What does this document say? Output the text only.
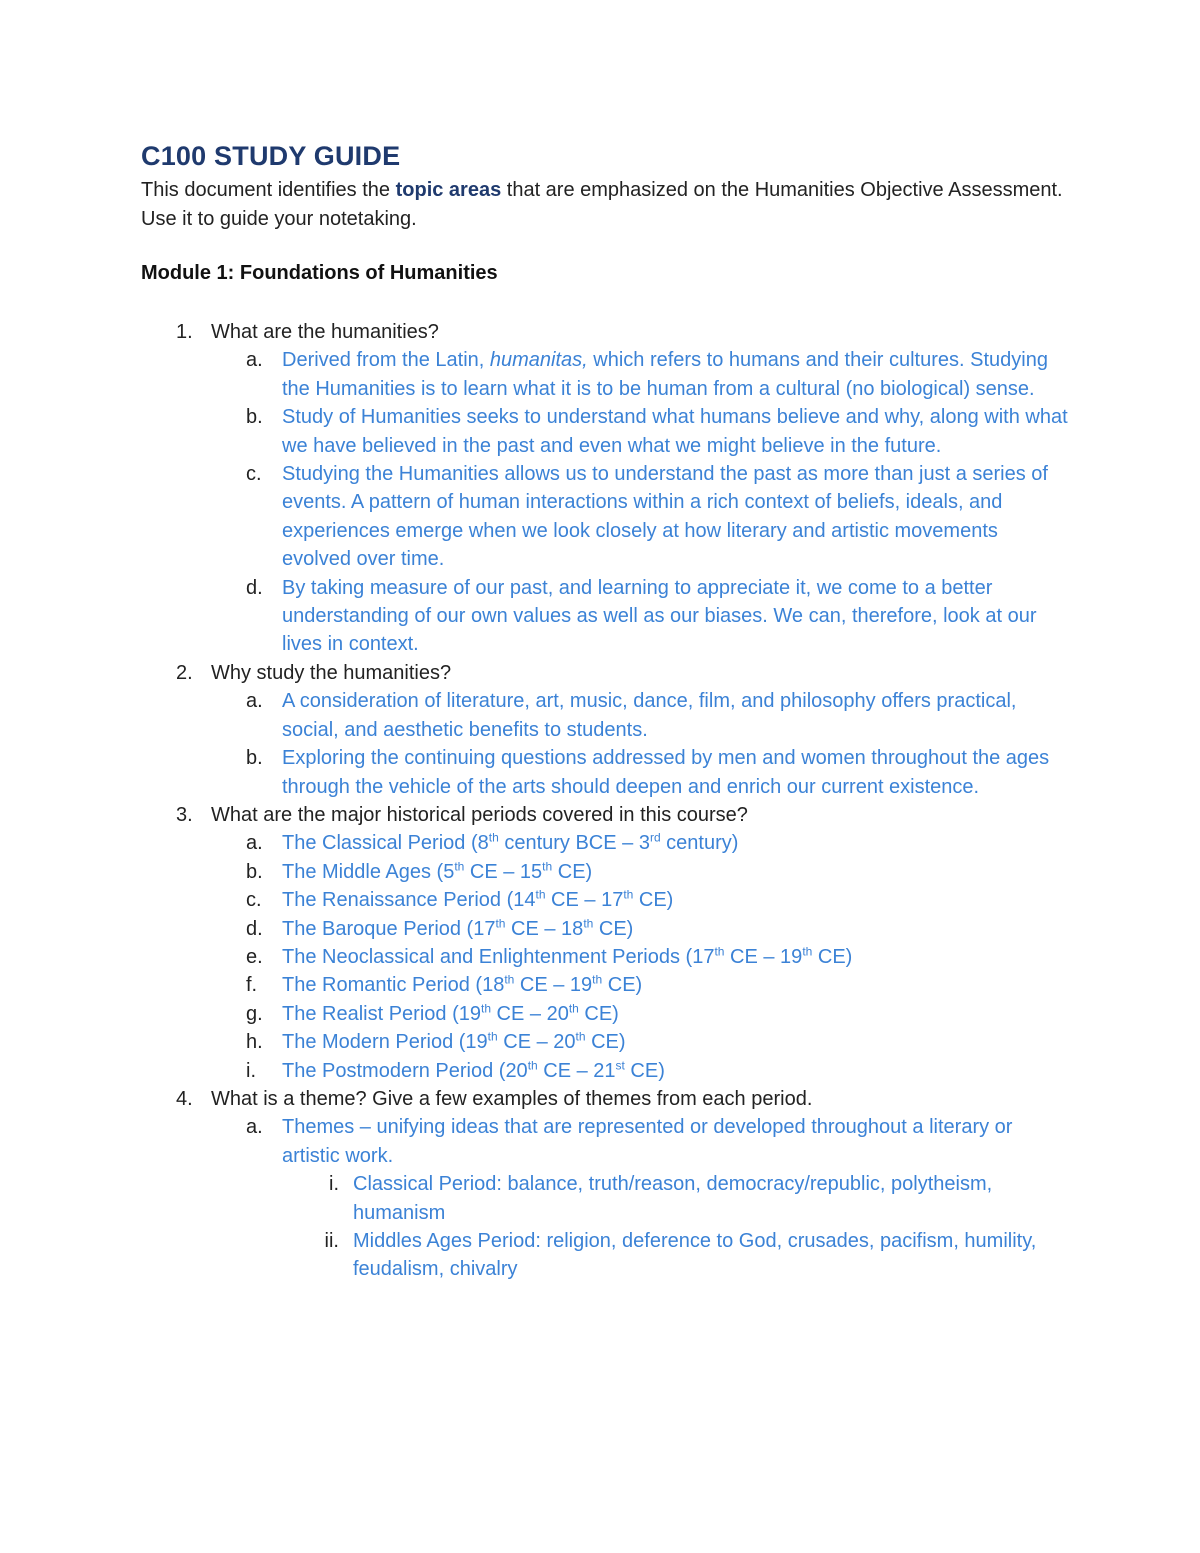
C100 STUDY GUIDE

This document identifies the topic areas that are emphasized on the Humanities Objective Assessment. Use it to guide your notetaking.

Module 1: Foundations of Humanities
1. What are the humanities?
a. Derived from the Latin, humanitas, which refers to humans and their cultures. Studying the Humanities is to learn what it is to be human from a cultural (no biological) sense.
b. Study of Humanities seeks to understand what humans believe and why, along with what we have believed in the past and even what we might believe in the future.
c. Studying the Humanities allows us to understand the past as more than just a series of events. A pattern of human interactions within a rich context of beliefs, ideals, and experiences emerge when we look closely at how literary and artistic movements evolved over time.
d. By taking measure of our past, and learning to appreciate it, we come to a better understanding of our own values as well as our biases. We can, therefore, look at our lives in context.
2. Why study the humanities?
a. A consideration of literature, art, music, dance, film, and philosophy offers practical, social, and aesthetic benefits to students.
b. Exploring the continuing questions addressed by men and women throughout the ages through the vehicle of the arts should deepen and enrich our current existence.
3. What are the major historical periods covered in this course?
a. The Classical Period (8th century BCE – 3rd century)
b. The Middle Ages (5th CE – 15th CE)
c. The Renaissance Period (14th CE – 17th CE)
d. The Baroque Period (17th CE – 18th CE)
e. The Neoclassical and Enlightenment Periods (17th CE – 19th CE)
f. The Romantic Period (18th CE – 19th CE)
g. The Realist Period (19th CE – 20th CE)
h. The Modern Period (19th CE – 20th CE)
i. The Postmodern Period (20th CE – 21st CE)
4. What is a theme? Give a few examples of themes from each period.
a. Themes – unifying ideas that are represented or developed throughout a literary or artistic work.
i. Classical Period: balance, truth/reason, democracy/republic, polytheism, humanism
ii. Middles Ages Period: religion, deference to God, crusades, pacifism, humility, feudalism, chivalry
